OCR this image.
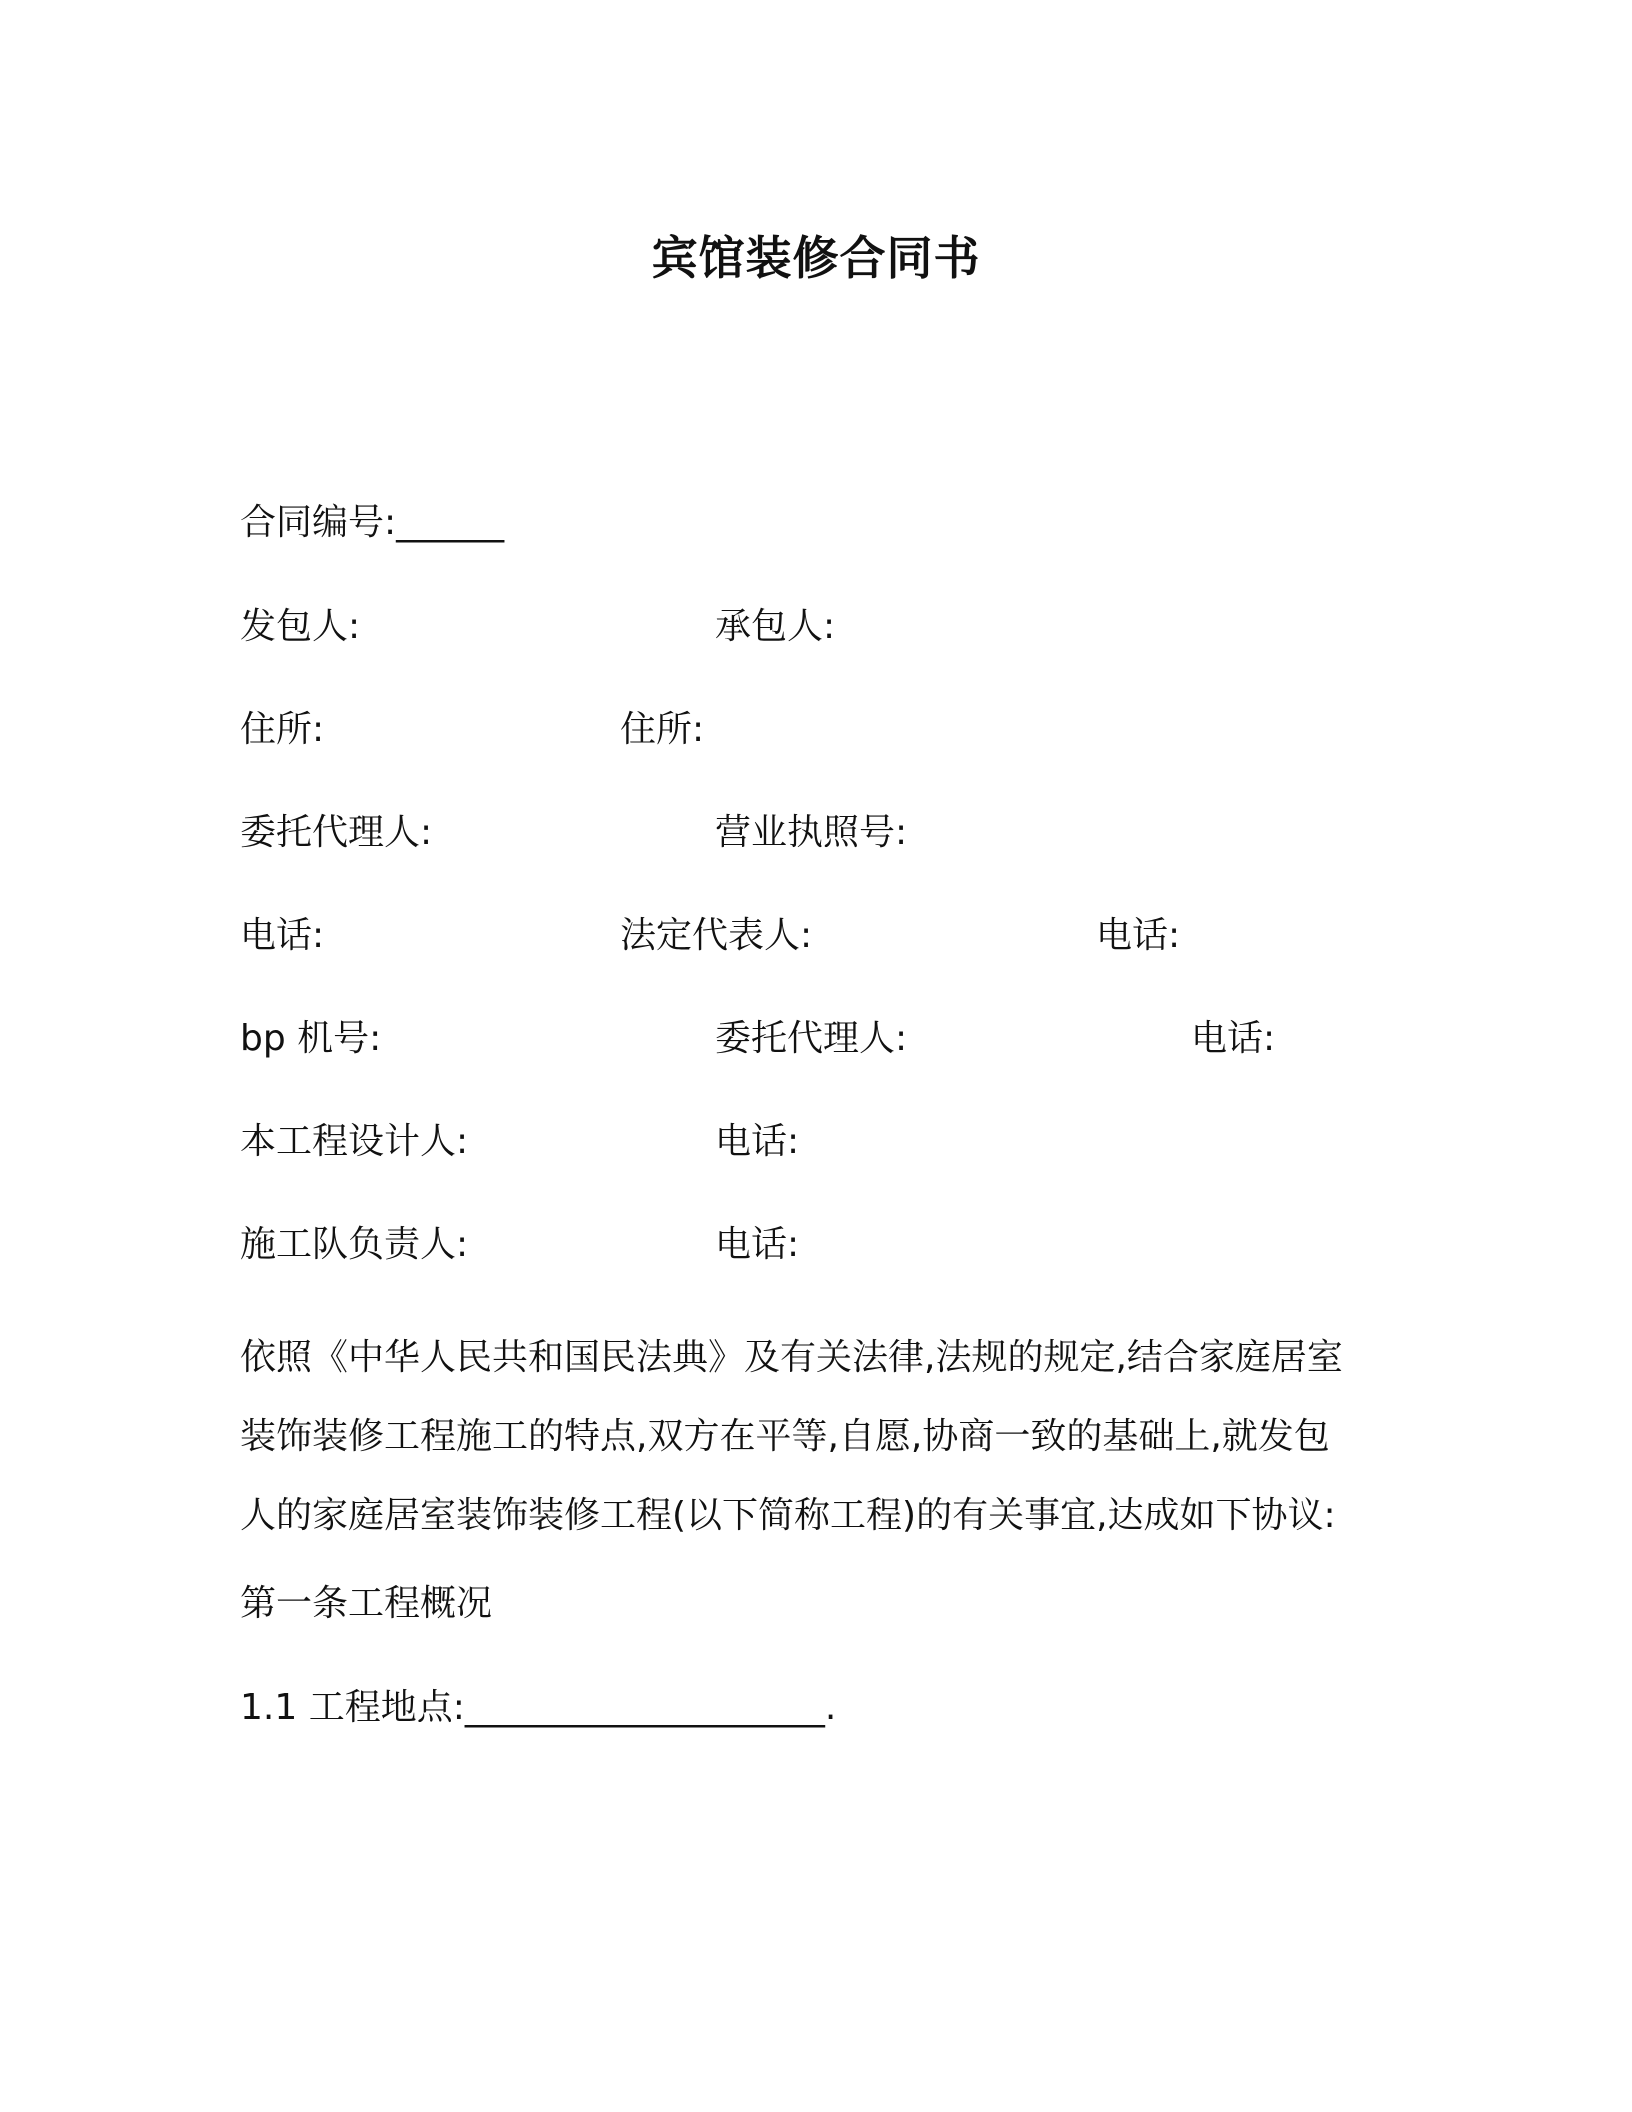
宾馆装修合同书
合同编号:______
发包人:	承包人:
住所:	住所:
委托代理人:	营业执照号:
电话:	法定代表人:	电话:
bp 机号:	委托代理人:	电话:
本工程设计人:	电话:
施工队负责人:	电话:
依照《中华人民共和国民法典》及有关法律,法规的规定,结合家庭居室
装饰装修工程施工的特点,双方在平等,自愿,协商一致的基础上,就发包
人的家庭居室装饰装修工程(以下简称工程)的有关事宜,达成如下协议:
第一条工程概况
1.1 工程地点:____________________.
